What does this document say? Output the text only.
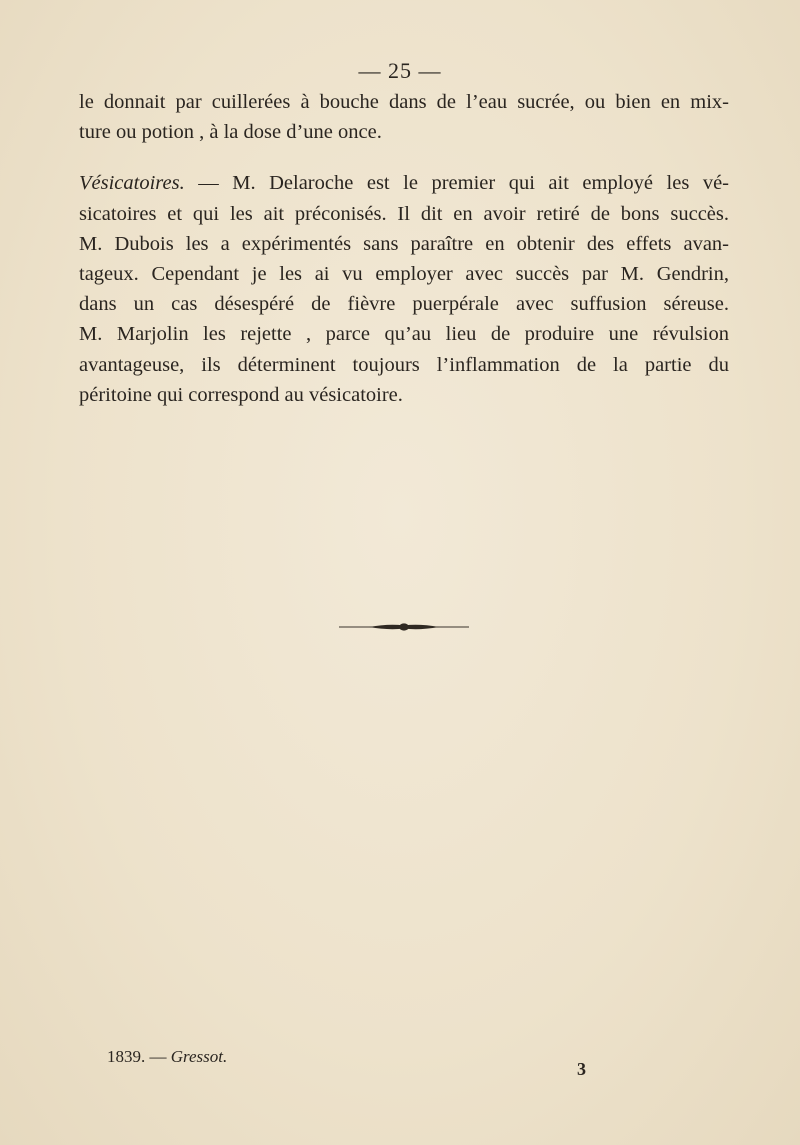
— 25 —
le donnait par cuillerées à bouche dans de l’eau sucrée, ou bien en mix-
ture ou potion , à la dose d’une once.
Vésicatoires. — M. Delaroche est le premier qui ait employé les vé-
sicatoires et qui les ait préconisés. Il dit en avoir retiré de bons succès.
M. Dubois les a expérimentés sans paraître en obtenir des effets avan-
tageux. Cependant je les ai vu employer avec succès par M. Gendrin,
dans un cas désespéré de fièvre puerpérale avec suffusion séreuse.
M. Marjolin les rejette , parce qu’au lieu de produire une révulsion
avantageuse, ils déterminent toujours l’inflammation de la partie du
péritoine qui correspond au vésicatoire.
1839. — Gressot.
3
